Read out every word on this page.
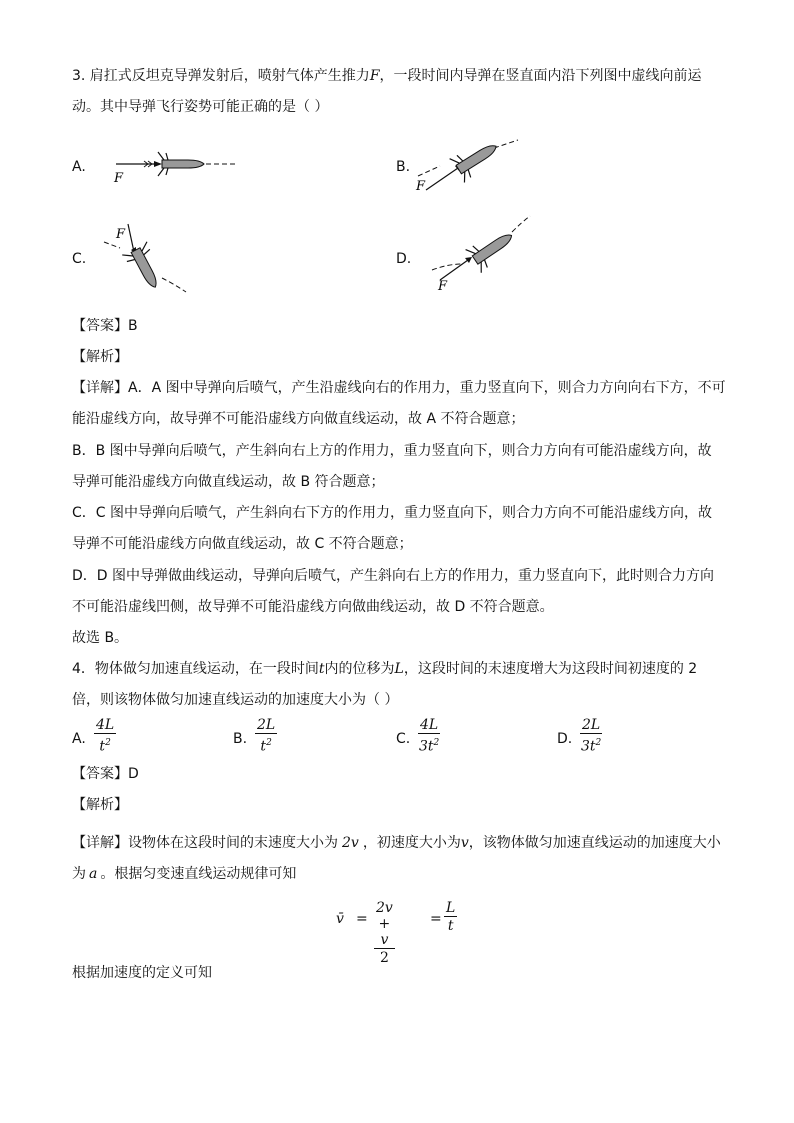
3. 肩扛式反坦克导弹发射后，喷射气体产生推力F，一段时间内导弹在竖直面内沿下列图中虚线向前运
动。其中导弹飞行姿势可能正确的是（ ）
A.	B.
C.	D.
F
F
F
F
【答案】B
【解析】
【详解】A．A 图中导弹向后喷气，产生沿虚线向右的作用力，重力竖直向下，则合力方向向右下方，不可
能沿虚线方向，故导弹不可能沿虚线方向做直线运动，故 A 不符合题意；
B．B 图中导弹向后喷气，产生斜向右上方的作用力，重力竖直向下，则合力方向有可能沿虚线方向，故
导弹可能沿虚线方向做直线运动，故 B 符合题意；
C．C 图中导弹向后喷气，产生斜向右下方的作用力，重力竖直向下，则合力方向不可能沿虚线方向，故
导弹不可能沿虚线方向做直线运动，故 C 不符合题意；
D．D 图中导弹做曲线运动，导弹向后喷气，产生斜向右上方的作用力，重力竖直向下，此时则合力方向
不可能沿虚线凹侧，故导弹不可能沿虚线方向做曲线运动，故 D 不符合题意。
故选 B。
4．物体做匀加速直线运动，在一段时间t内的位移为L，这段时间的末速度增大为这段时间初速度的 2
倍，则该物体做匀加速直线运动的加速度大小为（ ）
A. $\frac{4L}{t^2}$	B. $\frac{2L}{t^2}$	C. $\frac{4L}{3t^2}$	D. $\frac{2L}{3t^2}$
【答案】D
【解析】
【详解】设物体在这段时间的末速度大小为 2v ，初速度大小为v，该物体做匀加速直线运动的加速度大小
为 a 。根据匀变速直线运动规律可知
v̄ = $\frac{2v + v}{2}$	= $\frac{L}{t}$
根据加速度的定义可知
